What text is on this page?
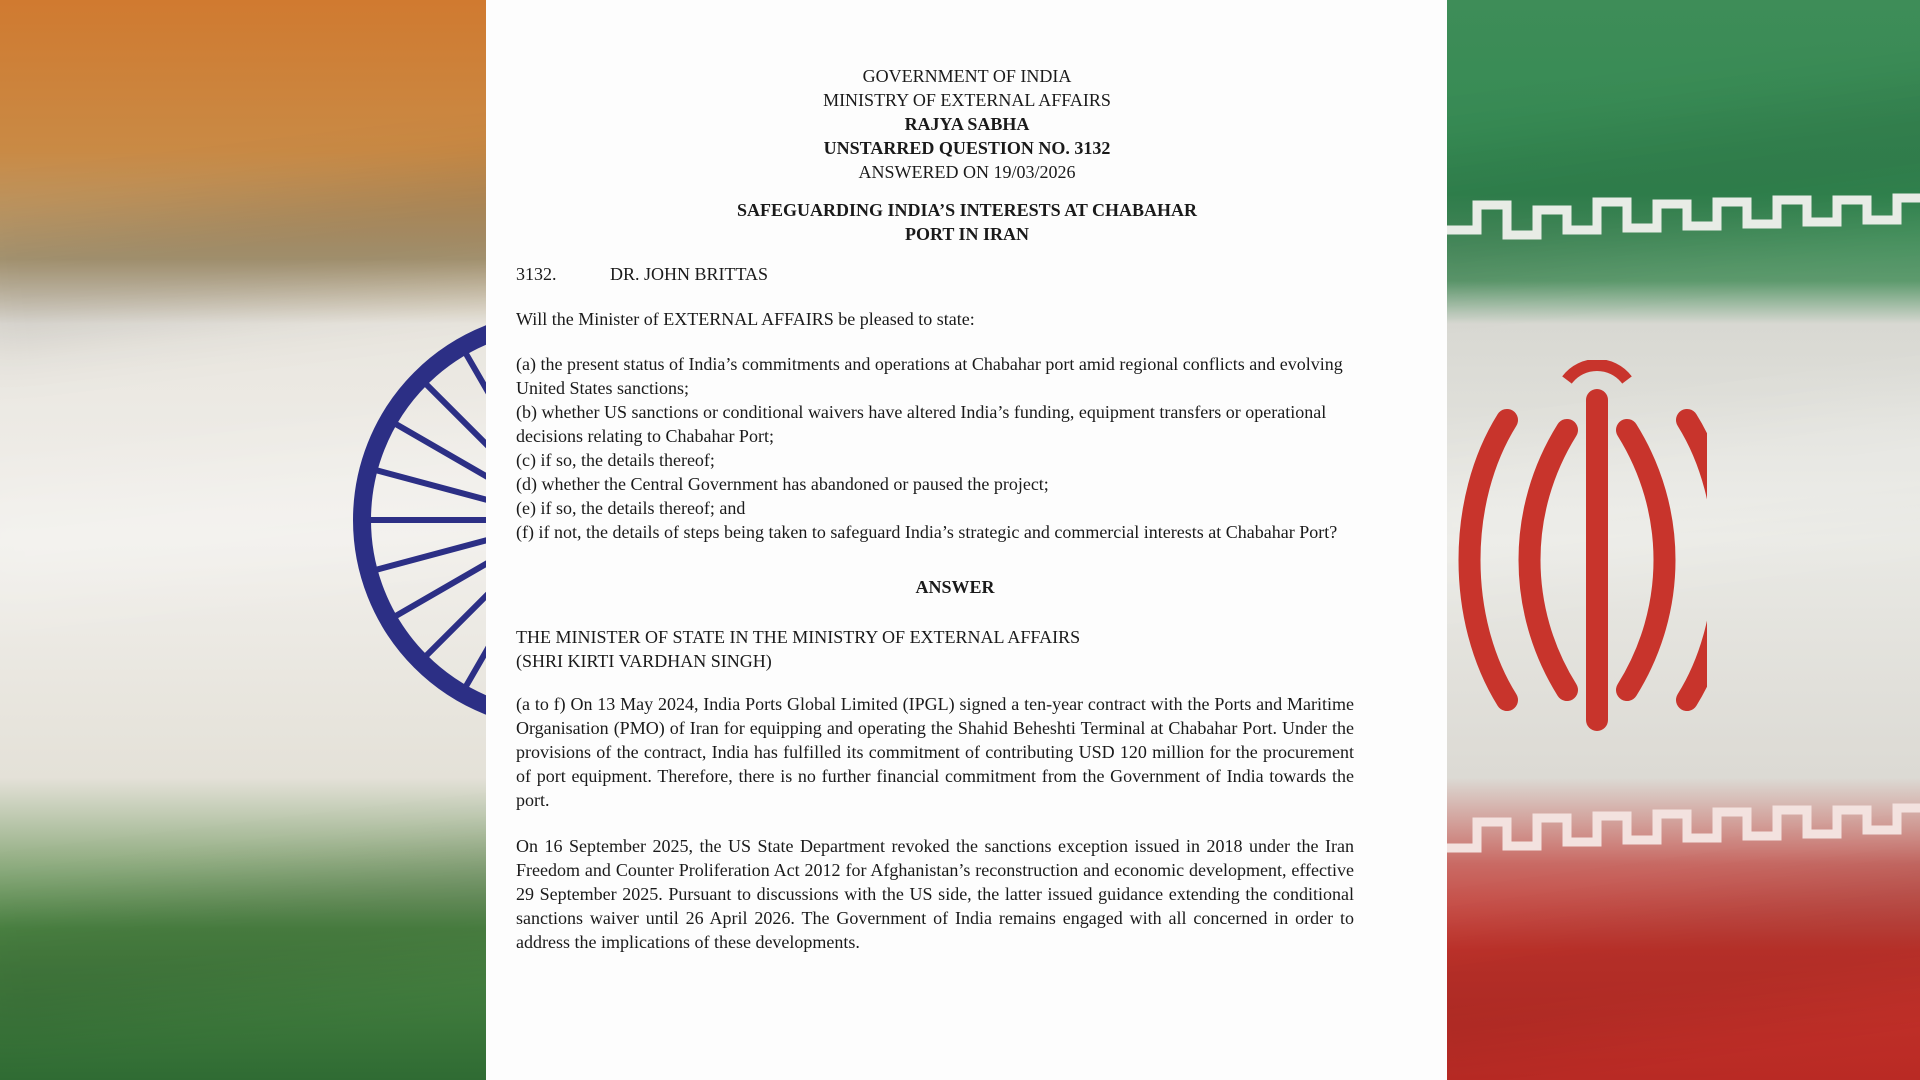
GOVERNMENT OF INDIA
MINISTRY OF EXTERNAL AFFAIRS
RAJYA SABHA
UNSTARRED QUESTION NO. 3132
ANSWERED ON 19/03/2026
SAFEGUARDING INDIA’S INTERESTS AT CHABAHAR
PORT IN IRAN
3132.	DR. JOHN BRITTAS
Will the Minister of EXTERNAL AFFAIRS be pleased to state:
(a) the present status of India’s commitments and operations at Chabahar port amid regional conflicts and evolving United States sanctions;
(b) whether US sanctions or conditional waivers have altered India’s funding, equipment transfers or operational decisions relating to Chabahar Port;
(c) if so, the details thereof;
(d) whether the Central Government has abandoned or paused the project;
(e) if so, the details thereof; and
(f) if not, the details of steps being taken to safeguard India’s strategic and commercial interests at Chabahar Port?
ANSWER
THE MINISTER OF STATE IN THE MINISTRY OF EXTERNAL AFFAIRS
(SHRI KIRTI VARDHAN SINGH)
(a to f) On 13 May 2024, India Ports Global Limited (IPGL) signed a ten-year contract with the Ports and Maritime Organisation (PMO) of Iran for equipping and operating the Shahid Beheshti Terminal at Chabahar Port. Under the provisions of the contract, India has fulfilled its commitment of contributing USD 120 million for the procurement of port equipment. Therefore, there is no further financial commitment from the Government of India towards the port.
On 16 September 2025, the US State Department revoked the sanctions exception issued in 2018 under the Iran Freedom and Counter Proliferation Act 2012 for Afghanistan’s reconstruction and economic development, effective 29 September 2025. Pursuant to discussions with the US side, the latter issued guidance extending the conditional sanctions waiver until 26 April 2026. The Government of India remains engaged with all concerned in order to address the implications of these developments.
